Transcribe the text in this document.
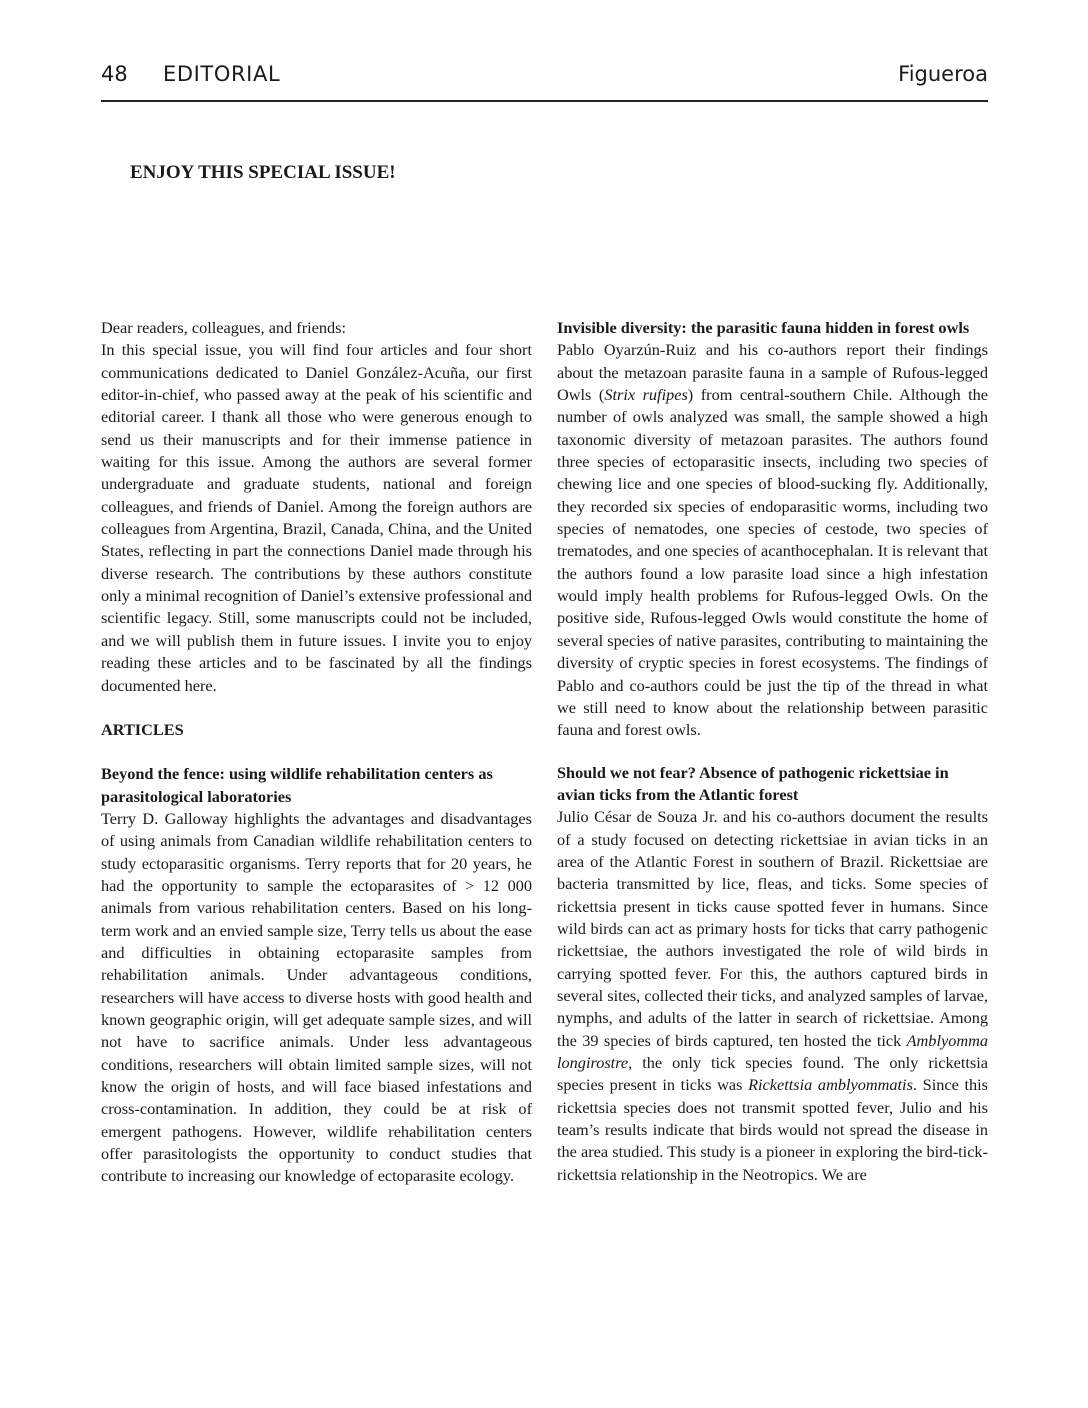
48 EDITORIAL	Figueroa
ENJOY THIS SPECIAL ISSUE!

Dear readers, colleagues, and friends:

In this special issue, you will find four articles and four short communications dedicated to Daniel González-Acuña, our first editor-in-chief, who passed away at the peak of his scientific and editorial career. I thank all those who were generous enough to send us their manuscripts and for their immense patience in waiting for this issue. Among the authors are several former undergraduate and graduate students, national and foreign colleagues, and friends of Daniel. Among the foreign authors are colleagues from Argentina, Brazil, Canada, China, and the United States, reflecting in part the connections Daniel made through his diverse research. The contributions by these authors constitute only a minimal recognition of Daniel’s extensive professional and scientific legacy. Still, some manuscripts could not be included, and we will publish them in future issues. I invite you to enjoy reading these articles and to be fascinated by all the findings documented here.

ARTICLES
Beyond the fence: using wildlife rehabilitation centers as parasitological laboratories

Terry D. Galloway highlights the advantages and disadvantages of using animals from Canadian wildlife rehabilitation centers to study ectoparasitic organisms. Terry reports that for 20 years, he had the opportunity to sample the ectoparasites of > 12 000 animals from various rehabilitation centers. Based on his long-term work and an envied sample size, Terry tells us about the ease and difficulties in obtaining ectoparasite samples from rehabilitation animals. Under advantageous conditions, researchers will have access to diverse hosts with good health and known geographic origin, will get adequate sample sizes, and will not have to sacrifice animals. Under less advantageous conditions, researchers will obtain limited sample sizes, will not know the origin of hosts, and will face biased infestations and cross-contamination. In addition, they could be at risk of emergent pathogens. However, wildlife rehabilitation centers offer parasitologists the opportunity to conduct studies that contribute to increasing our knowledge of ectoparasite ecology.

Invisible diversity: the parasitic fauna hidden in forest owls

Pablo Oyarzún-Ruiz and his co-authors report their findings about the metazoan parasite fauna in a sample of Rufous-legged Owls (Strix rufipes) from central-southern Chile. Although the number of owls analyzed was small, the sample showed a high taxonomic diversity of metazoan parasites. The authors found three species of ectoparasitic insects, including two species of chewing lice and one species of blood-sucking fly. Additionally, they recorded six species of endoparasitic worms, including two species of nematodes, one species of cestode, two species of trematodes, and one species of acanthocephalan. It is relevant that the authors found a low parasite load since a high infestation would imply health problems for Rufous-legged Owls. On the positive side, Rufous-legged Owls would constitute the home of several species of native parasites, contributing to maintaining the diversity of cryptic species in forest ecosystems. The findings of Pablo and co-authors could be just the tip of the thread in what we still need to know about the relationship between parasitic fauna and forest owls.

Should we not fear? Absence of pathogenic rickettsiae in avian ticks from the Atlantic forest

Julio César de Souza Jr. and his co-authors document the results of a study focused on detecting rickettsiae in avian ticks in an area of the Atlantic Forest in southern of Brazil. Rickettsiae are bacteria transmitted by lice, fleas, and ticks. Some species of rickettsia present in ticks cause spotted fever in humans. Since wild birds can act as primary hosts for ticks that carry pathogenic rickettsiae, the authors investigated the role of wild birds in carrying spotted fever. For this, the authors captured birds in several sites, collected their ticks, and analyzed samples of larvae, nymphs, and adults of the latter in search of rickettsiae. Among the 39 species of birds captured, ten hosted the tick Amblyomma longirostre, the only tick species found. The only rickettsia species present in ticks was Rickettsia amblyommatis. Since this rickettsia species does not transmit spotted fever, Julio and his team’s results indicate that birds would not spread the disease in the area studied. This study is a pioneer in exploring the bird-tick-rickettsia relationship in the Neotropics. We are
